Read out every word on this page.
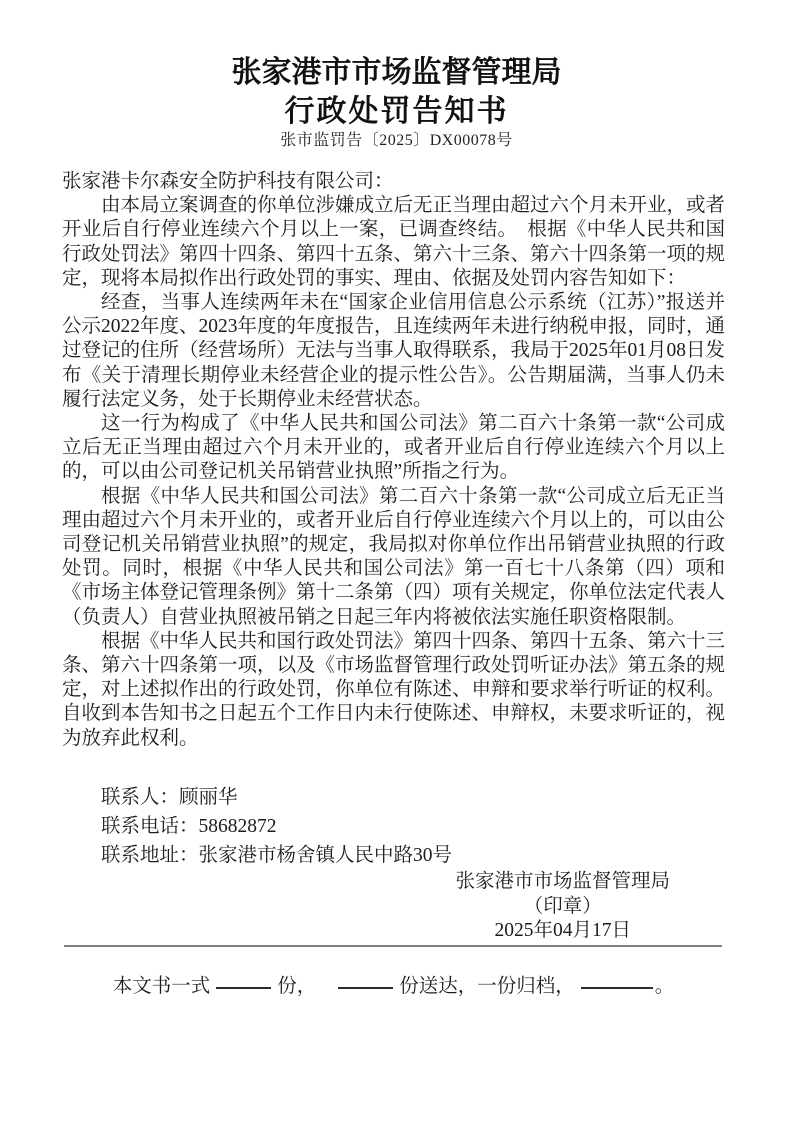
张家港市市场监督管理局
行政处罚告知书
张市监罚告〔2025〕DX00078号

张家港卡尔森安全防护科技有限公司：

由本局立案调查的你单位涉嫌成立后无正当理由超过六个月未开业，或者开业后自行停业连续六个月以上一案，已调查终结。　根据《中华人民共和国行政处罚法》第四十四条、第四十五条、第六十三条、第六十四条第一项的规定，现将本局拟作出行政处罚的事实、理由、依据及处罚内容告知如下：

经查，当事人连续两年未在“国家企业信用信息公示系统（江苏）”报送并公示2022年度、2023年度的年度报告，且连续两年未进行纳税申报，同时，通过登记的住所（经营场所）无法与当事人取得联系，我局于2025年01月08日发布《关于清理长期停业未经营企业的提示性公告》。公告期届满，当事人仍未履行法定义务，处于长期停业未经营状态。

这一行为构成了《中华人民共和国公司法》第二百六十条第一款“公司成立后无正当理由超过六个月未开业的，或者开业后自行停业连续六个月以上的，可以由公司登记机关吊销营业执照”所指之行为。

根据《中华人民共和国公司法》第二百六十条第一款“公司成立后无正当理由超过六个月未开业的，或者开业后自行停业连续六个月以上的，可以由公司登记机关吊销营业执照”的规定，我局拟对你单位作出吊销营业执照的行政处罚。同时，根据《中华人民共和国公司法》第一百七十八条第（四）项和《市场主体登记管理条例》第十二条第（四）项有关规定，你单位法定代表人（负责人）自营业执照被吊销之日起三年内将被依法实施任职资格限制。

根据《中华人民共和国行政处罚法》第四十四条、第四十五条、第六十三条、第六十四条第一项，以及《市场监督管理行政处罚听证办法》第五条的规定，对上述拟作出的行政处罚，你单位有陈述、申辩和要求举行听证的权利。自收到本告知书之日起五个工作日内未行使陈述、申辩权，未要求听证的，视为放弃此权利。

联系人：顾丽华
联系电话：58682872
联系地址：张家港市杨舍镇人民中路30号
张家港市市场监督管理局
（印章）
2025年04月17日
本文书一式	份，	份送达，一份归档，	。
